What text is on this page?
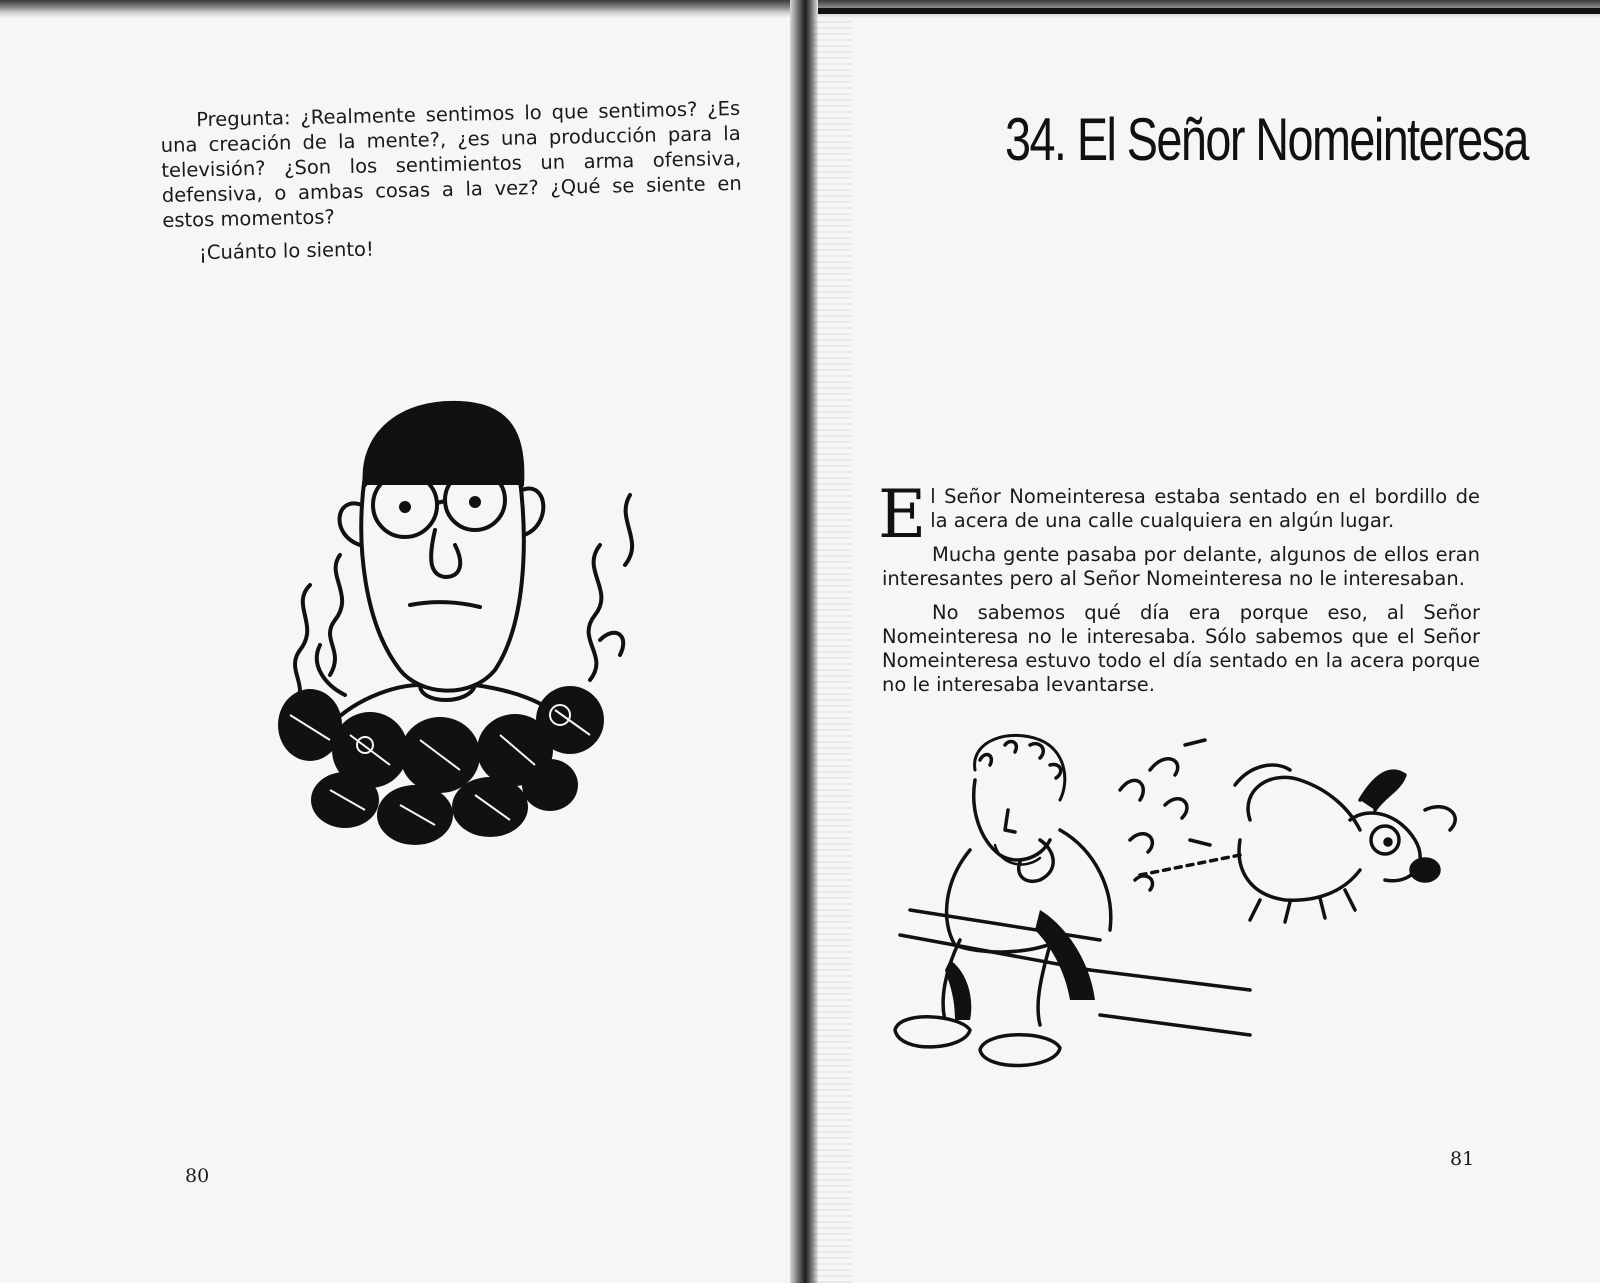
Pregunta: ¿Realmente sentimos lo que sentimos? ¿Es una creación de la mente?, ¿es una producción para la televisión? ¿Son los sentimientos un arma ofensiva, defensiva, o ambas cosas a la vez? ¿Qué se siente en estos momentos?

¡Cuánto lo siento!

80
34. El Señor Nomeinteresa

E l Señor Nomeinteresa estaba sentado en el bordillo de la acera de una calle cualquiera en algún lugar.

Mucha gente pasaba por delante, algunos de ellos eran interesantes pero al Señor Nomeinteresa no le interesaban.

No sabemos qué día era porque eso, al Señor Nomeinteresa no le interesaba. Sólo sabemos que el Señor Nomeinteresa estuvo todo el día sentado en la acera porque no le interesaba levantarse.

81
